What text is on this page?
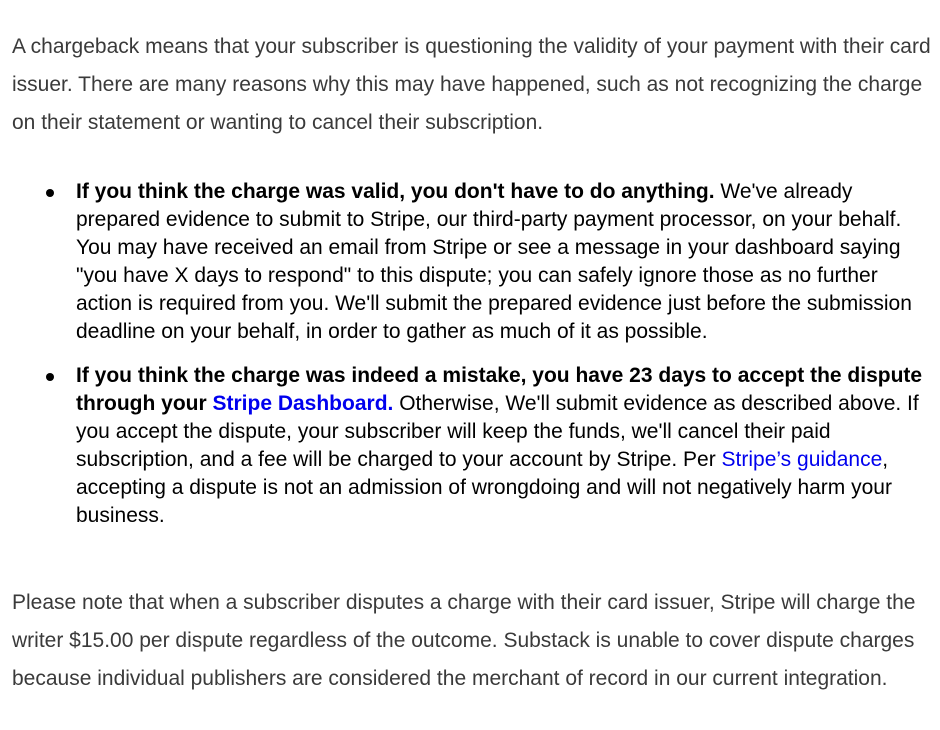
A chargeback means that your subscriber is questioning the validity of your payment with their card issuer. There are many reasons why this may have happened, such as not recognizing the charge on their statement or wanting to cancel their subscription.

If you think the charge was valid, you don't have to do anything. We've already prepared evidence to submit to Stripe, our third-party payment processor, on your behalf. You may have received an email from Stripe or see a message in your dashboard saying "you have X days to respond" to this dispute; you can safely ignore those as no further action is required from you. We'll submit the prepared evidence just before the submission deadline on your behalf, in order to gather as much of it as possible.
If you think the charge was indeed a mistake, you have 23 days to accept the dispute through your Stripe Dashboard. Otherwise, We'll submit evidence as described above. If you accept the dispute, your subscriber will keep the funds, we'll cancel their paid subscription, and a fee will be charged to your account by Stripe. Per Stripe’s guidance, accepting a dispute is not an admission of wrongdoing and will not negatively harm your business.

Please note that when a subscriber disputes a charge with their card issuer, Stripe will charge the writer $15.00 per dispute regardless of the outcome. Substack is unable to cover dispute charges because individual publishers are considered the merchant of record in our current integration.
